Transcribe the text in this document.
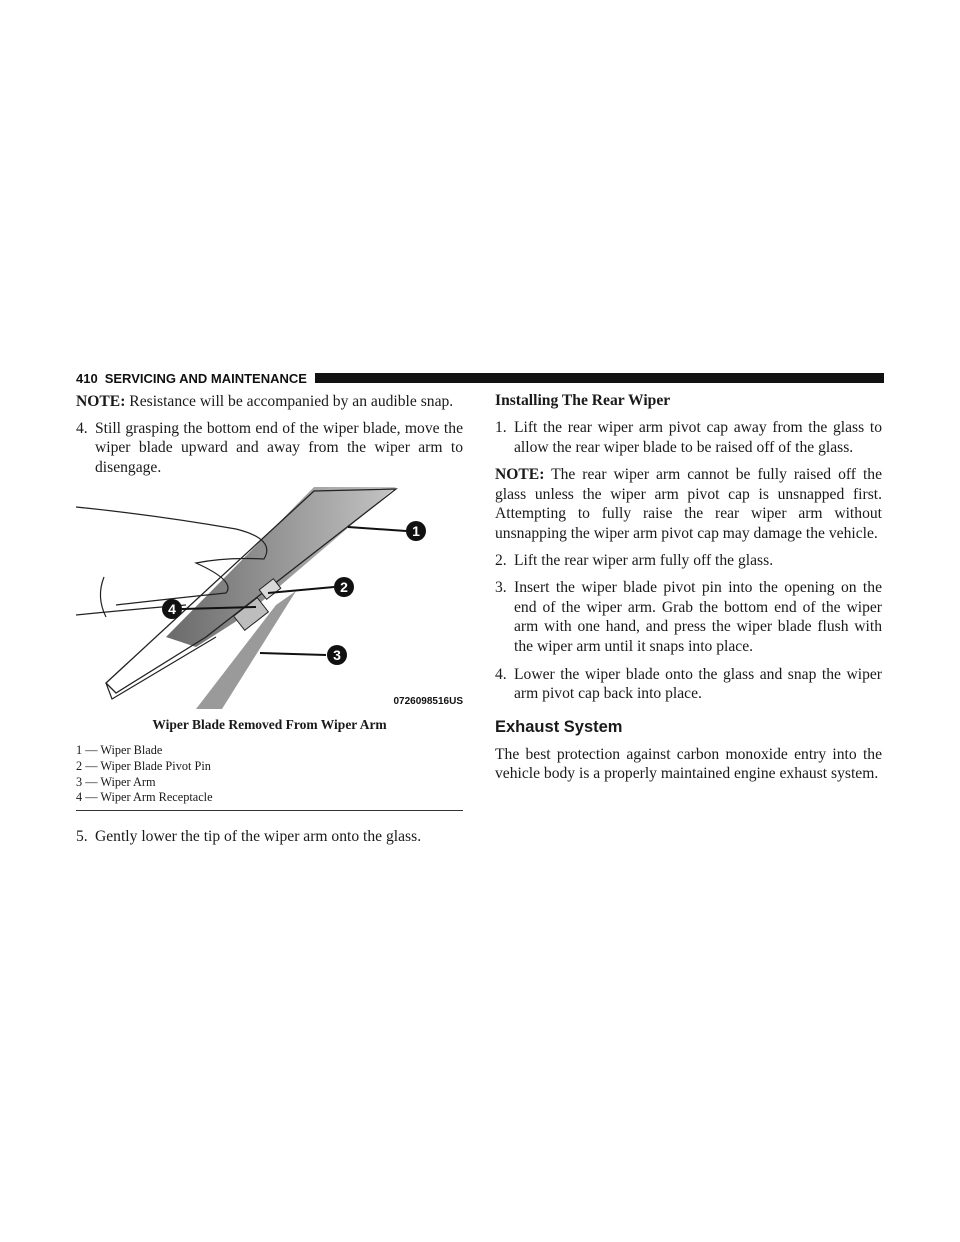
410 SERVICING AND MAINTENANCE

NOTE: Resistance will be accompanied by an audible snap.

4. Still grasping the bottom end of the wiper blade, move the wiper blade upward and away from the wiper arm to disengage.
1
2
3
4
0726098516US
Wiper Blade Removed From Wiper Arm
1 — Wiper Blade
2 — Wiper Blade Pivot Pin
3 — Wiper Arm
4 — Wiper Arm Receptacle
5. Gently lower the tip of the wiper arm onto the glass.
Installing The Rear Wiper
1. Lift the rear wiper arm pivot cap away from the glass to allow the rear wiper blade to be raised off of the glass.

NOTE: The rear wiper arm cannot be fully raised off the glass unless the wiper arm pivot cap is unsnapped first. Attempting to fully raise the rear wiper arm without unsnapping the wiper arm pivot cap may damage the vehicle.

2. Lift the rear wiper arm fully off the glass.
3. Insert the wiper blade pivot pin into the opening on the end of the wiper arm. Grab the bottom end of the wiper arm with one hand, and press the wiper blade flush with the wiper arm until it snaps into place.
4. Lower the wiper blade onto the glass and snap the wiper arm pivot cap back into place.
Exhaust System

The best protection against carbon monoxide entry into the vehicle body is a properly maintained engine exhaust system.
